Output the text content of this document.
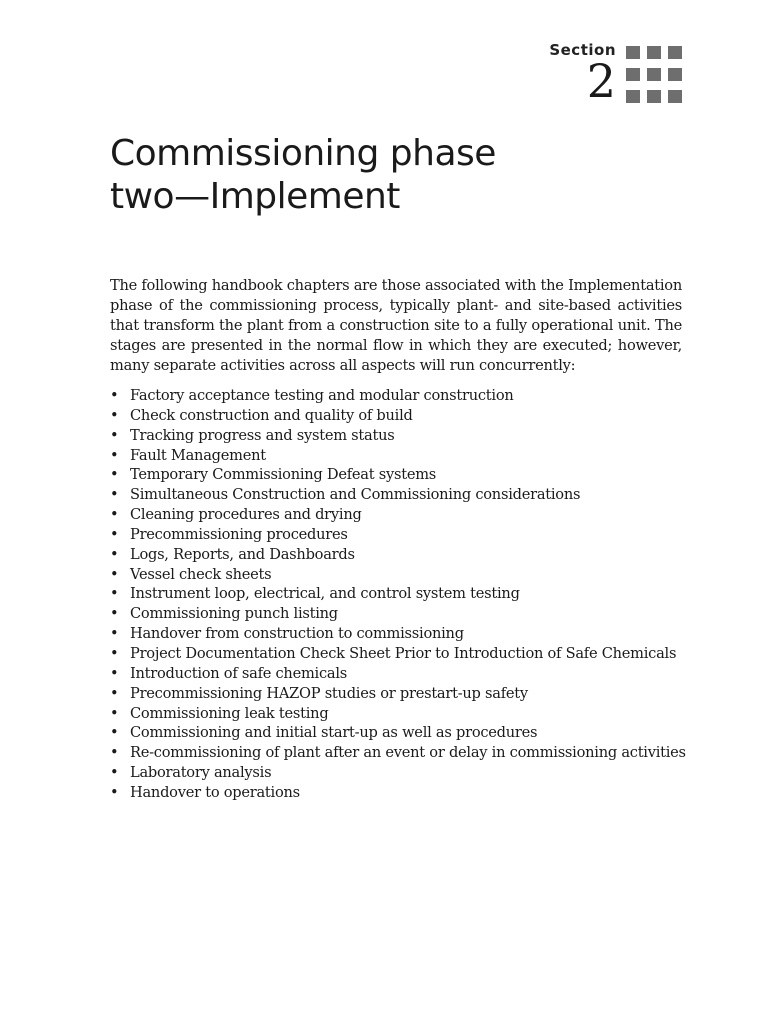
Section
2
Commissioning phase
two—Implement

The following handbook chapters are those associated with the Implementation phase of the commissioning process, typically plant- and site-based activities that transform the plant from a construction site to a fully operational unit. The stages are presented in the normal flow in which they are executed; however, many separate activities across all aspects will run concurrently:

• Factory acceptance testing and modular construction
• Check construction and quality of build
• Tracking progress and system status
• Fault Management
• Temporary Commissioning Defeat systems
• Simultaneous Construction and Commissioning considerations
• Cleaning procedures and drying
• Precommissioning procedures
• Logs, Reports, and Dashboards
• Vessel check sheets
• Instrument loop, electrical, and control system testing
• Commissioning punch listing
• Handover from construction to commissioning
• Project Documentation Check Sheet Prior to Introduction of Safe Chemicals
• Introduction of safe chemicals
• Precommissioning HAZOP studies or prestart-up safety
• Commissioning leak testing
• Commissioning and initial start-up as well as procedures
• Re-commissioning of plant after an event or delay in commissioning activities
• Laboratory analysis
• Handover to operations
